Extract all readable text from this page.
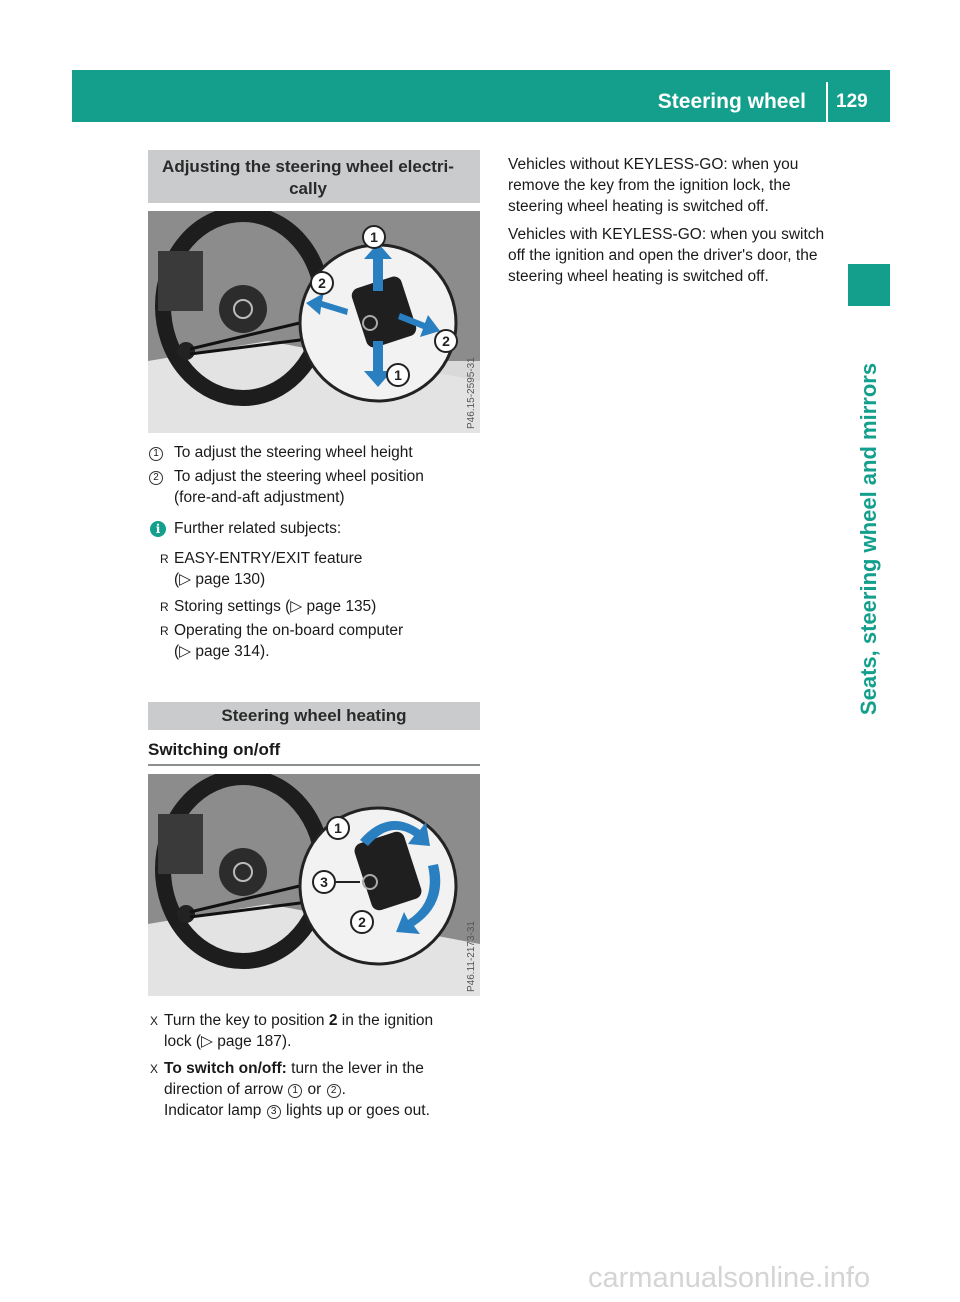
Steering wheel	129
Seats, steering wheel and mirrors
Adjusting the steering wheel electri-
cally
1
2
2
1	P46.15-2595-31
1 To adjust the steering wheel height
2 To adjust the steering wheel position
(fore-and-aft adjustment)
i Further related subjects:
R EASY-ENTRY/EXIT feature
(▷ page 130)
R Storing settings (▷ page 135)
R Operating the on-board computer
(▷ page 314).
Steering wheel heating
Switching on/off
1
2
3
P46.11-2173-31
X Turn the key to position 2 in the ignition
lock (▷ page 187).
X To switch on/off: turn the lever in the
direction of arrow 1 or 2 .
Indicator lamp 3 lights up or goes out.
Vehicles without KEYLESS-GO: when you
remove the key from the ignition lock, the
steering wheel heating is switched off.
Vehicles with KEYLESS-GO: when you switch
off the ignition and open the driver's door, the
steering wheel heating is switched off.
carmanualsonline.info
